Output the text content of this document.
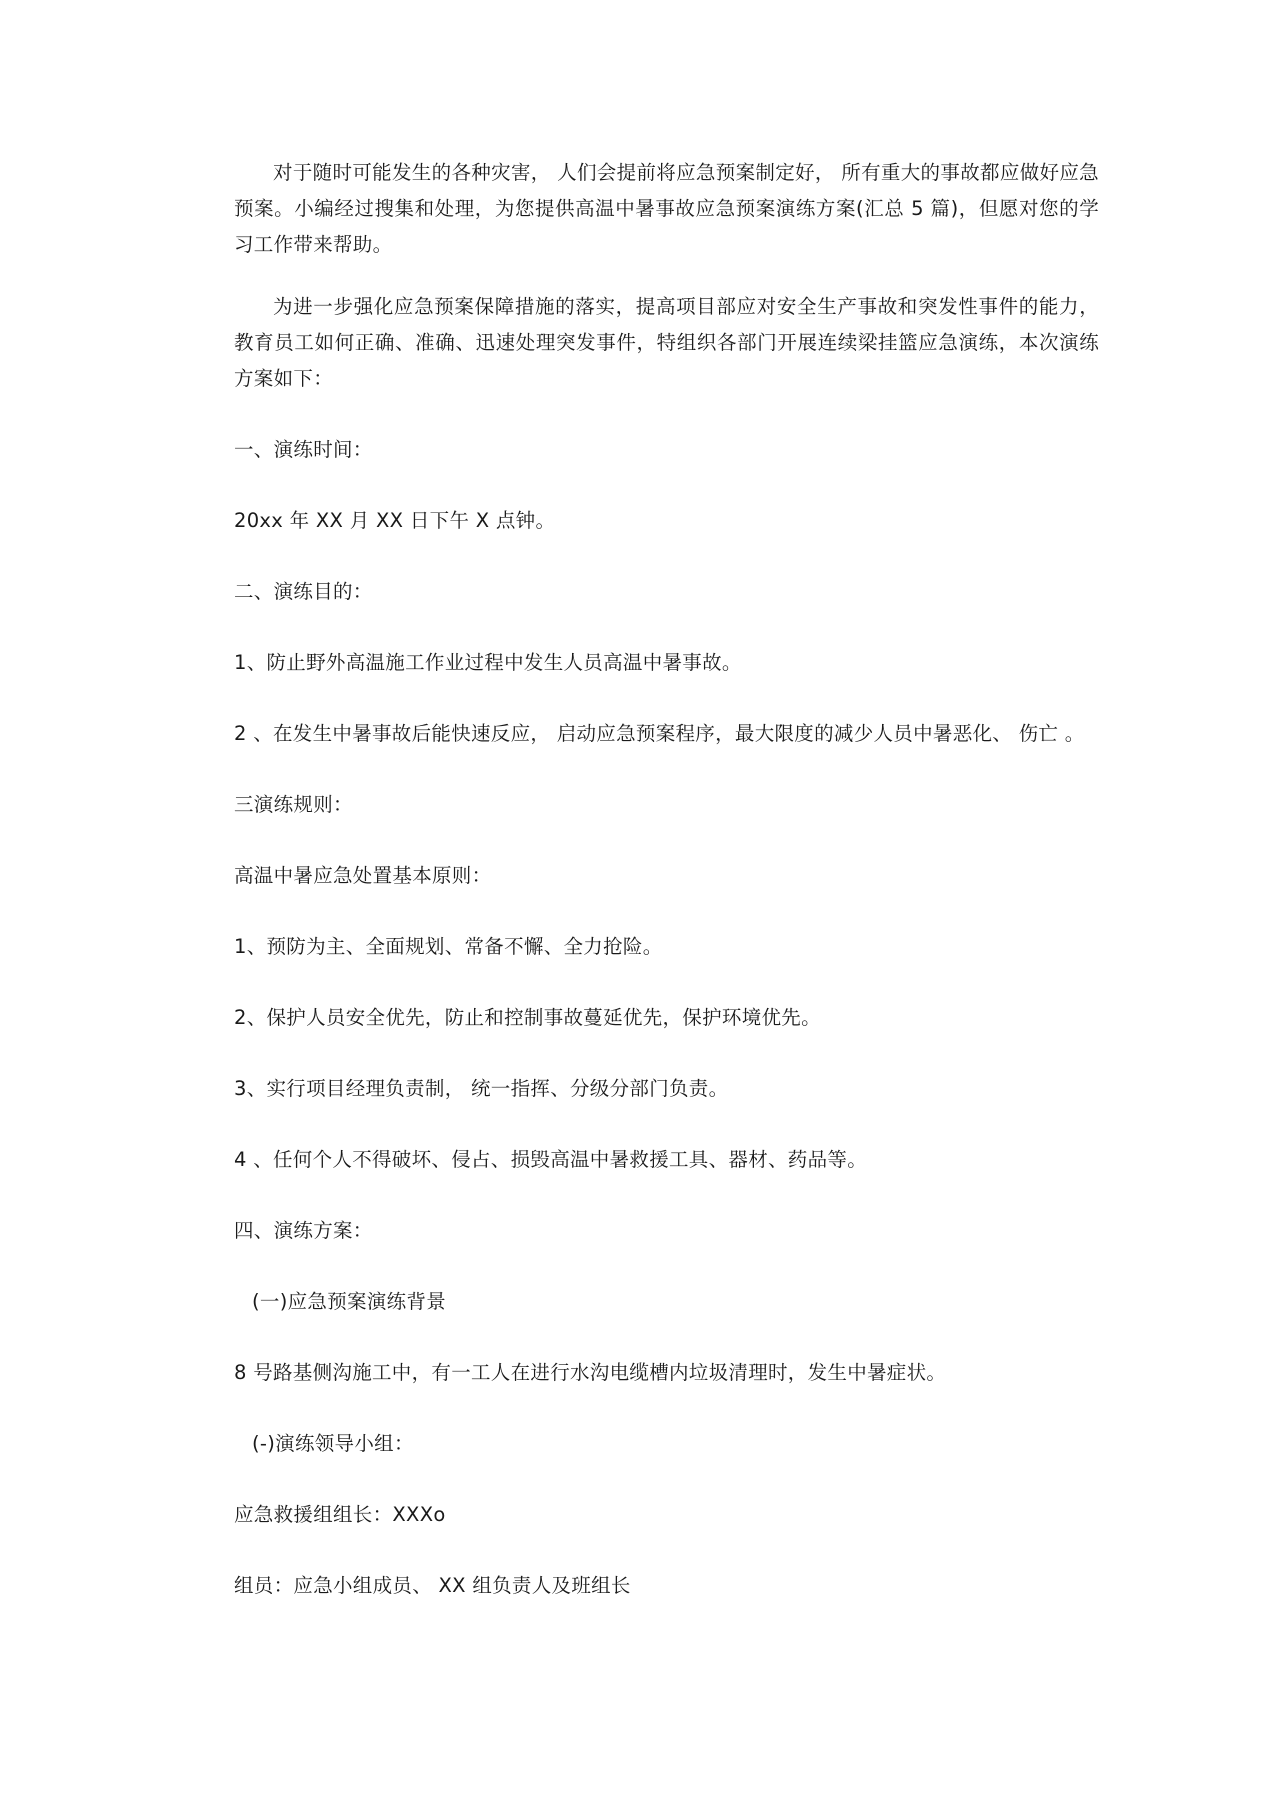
对于随时可能发生的各种灾害， 人们会提前将应急预案制定好， 所有重大的事故都应做好应急预案。小编经过搜集和处理，为您提供高温中暑事故应急预案演练方案(汇总 5 篇)，但愿对您的学习工作带来帮助。

为进一步强化应急预案保障措施的落实，提高项目部应对安全生产事故和突发性事件的能力，教育员工如何正确、准确、迅速处理突发事件，特组织各部门开展连续梁挂篮应急演练，本次演练方案如下：

一、演练时间：

20xx 年 XX 月 XX 日下午 X 点钟。

二、演练目的：

1、防止野外高温施工作业过程中发生人员高温中暑事故。

2 、在发生中暑事故后能快速反应， 启动应急预案程序，最大限度的减少人员中暑恶化、 伤亡 。

三演练规则：

高温中暑应急处置基本原则：

1、预防为主、全面规划、常备不懈、全力抢险。

2、保护人员安全优先，防止和控制事故蔓延优先，保护环境优先。

3、实行项目经理负责制， 统一指挥、分级分部门负责。

4 、任何个人不得破坏、侵占、损毁高温中暑救援工具、器材、药品等。

四、演练方案：

(一)应急预案演练背景

8 号路基侧沟施工中，有一工人在进行水沟电缆槽内垃圾清理时，发生中暑症状。

(-)演练领导小组：

应急救援组组长：XXXo

组员：应急小组成员、 XX 组负责人及班组长
